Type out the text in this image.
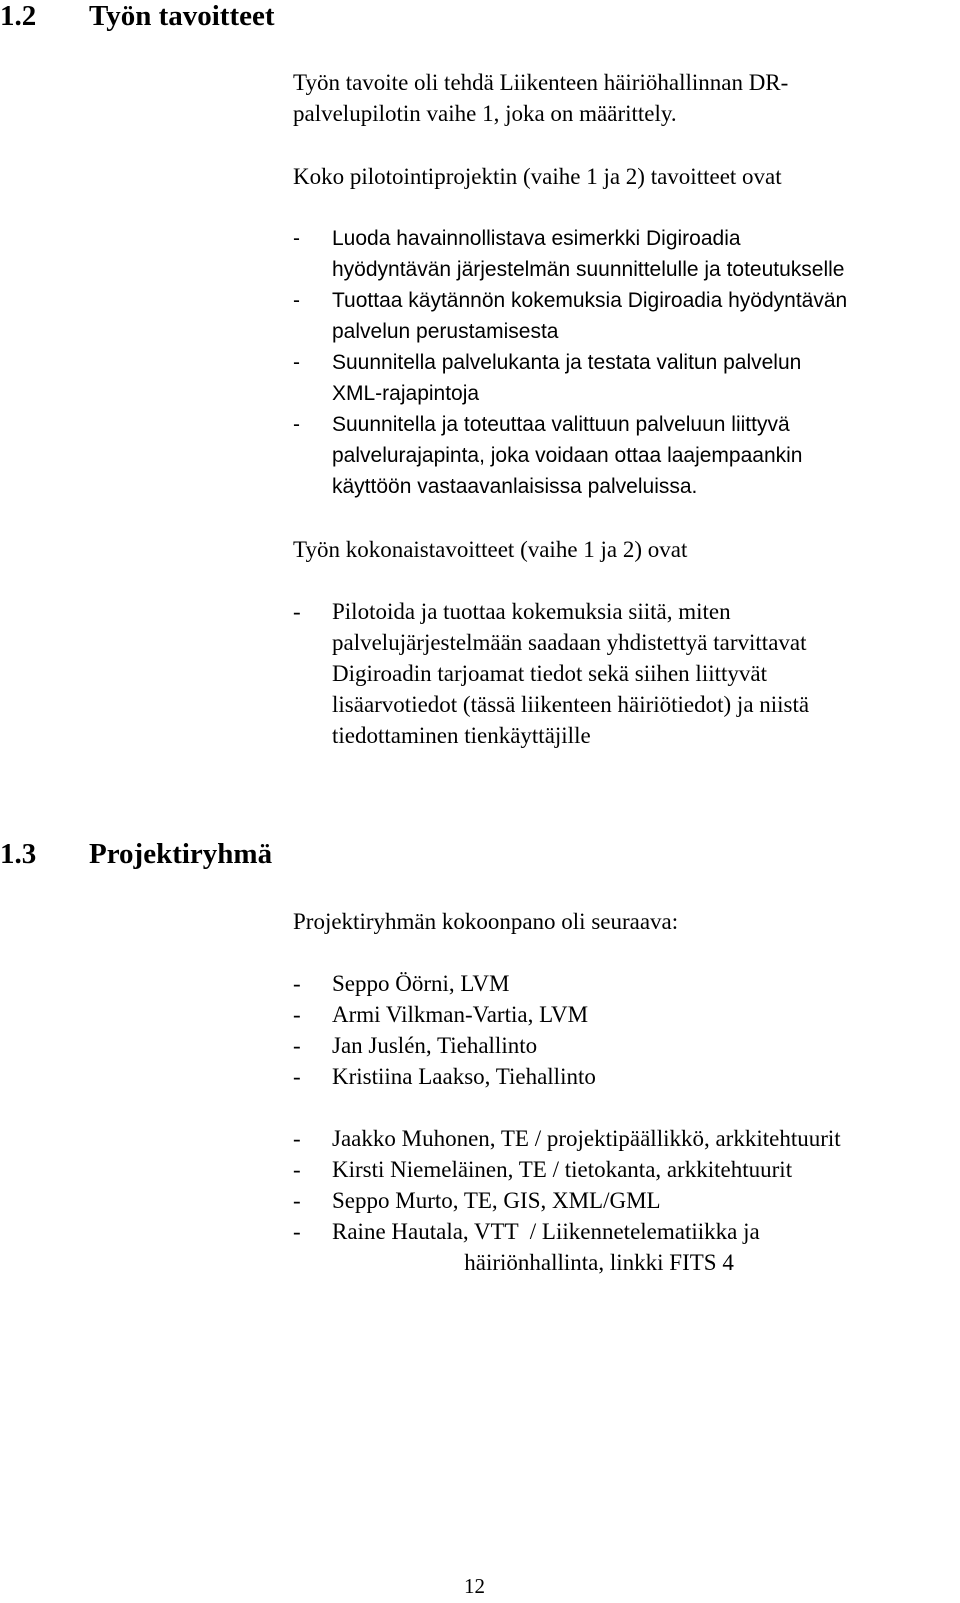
1.2 Työn tavoitteet

Työn tavoite oli tehdä Liikenteen häiriöhallinnan DR-
palvelupilotin vaihe 1, joka on määrittely.

Koko pilotointiprojektin (vaihe 1 ja 2) tavoitteet ovat

-	Luoda havainnollistava esimerkki Digiroadia
hyödyntävän järjestelmän suunnittelulle ja toteutukselle
-	Tuottaa käytännön kokemuksia Digiroadia hyödyntävän
palvelun perustamisesta
-	Suunnitella palvelukanta ja testata valitun palvelun
XML-rajapintoja
-	Suunnitella ja toteuttaa valittuun palveluun liittyvä
palvelurajapinta, joka voidaan ottaa laajempaankin
käyttöön vastaavanlaisissa palveluissa.

Työn kokonaistavoitteet (vaihe 1 ja 2) ovat

-	Pilotoida ja tuottaa kokemuksia siitä, miten
palvelujärjestelmään saadaan yhdistettyä tarvittavat
Digiroadin tarjoamat tiedot sekä siihen liittyvät
lisäarvotiedot (tässä liikenteen häiriötiedot) ja niistä
tiedottaminen tienkäyttäjille
1.3 Projektiryhmä

Projektiryhmän kokoonpano oli seuraava:

-	Seppo Öörni, LVM
-	Armi Vilkman-Vartia, LVM
-	Jan Juslén, Tiehallinto
-	Kristiina Laakso, Tiehallinto
-	Jaakko Muhonen, TE / projektipäällikkö, arkkitehtuurit
-	Kirsti Niemeläinen, TE / tietokanta, arkkitehtuurit
-	Seppo Murto, TE, GIS, XML/GML
-	Raine Hautala, VTT  / Liikennetelematiikka ja
häiriönhallinta, linkki FITS 4
12
